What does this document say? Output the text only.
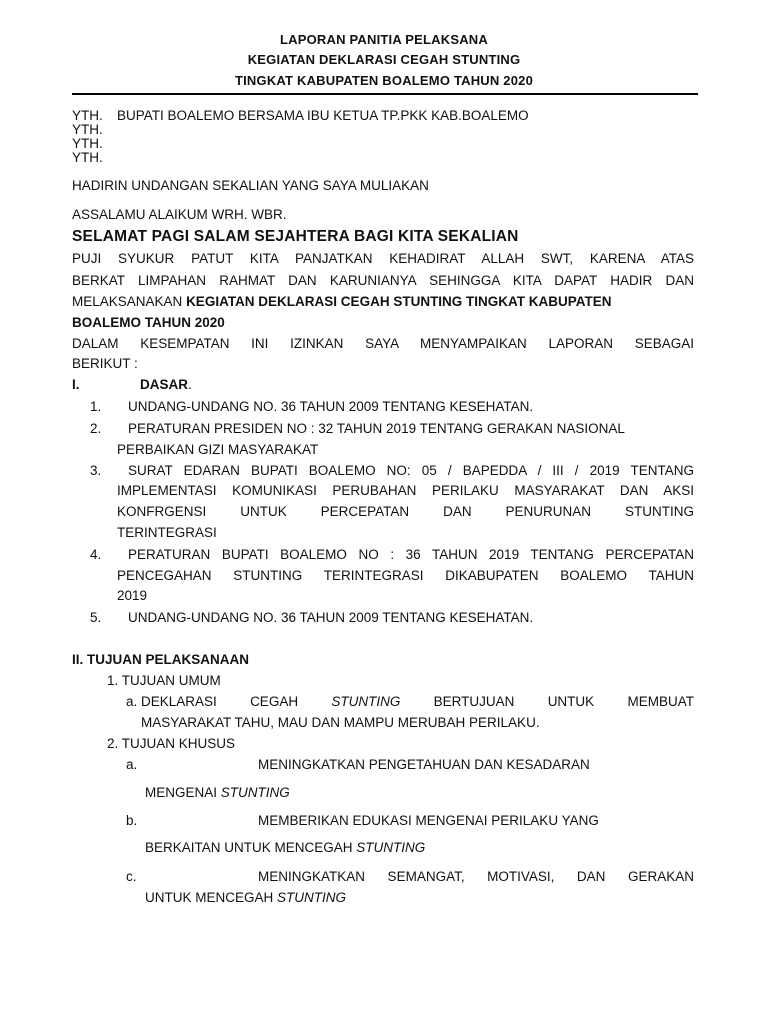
LAPORAN PANITIA PELAKSANA
KEGIATAN DEKLARASI CEGAH STUNTING
TINGKAT KABUPATEN BOALEMO TAHUN 2020
YTH. BUPATI BOALEMO BERSAMA IBU KETUA TP.PKK KAB.BOALEMO
YTH.
YTH.
YTH.
HADIRIN UNDANGAN SEKALIAN YANG SAYA MULIAKAN
ASSALAMU ALAIKUM WRH. WBR.
SELAMAT PAGI SALAM SEJAHTERA BAGI KITA SEKALIAN
PUJI SYUKUR PATUT KITA PANJATKAN KEHADIRAT ALLAH SWT, KARENA ATAS
BERKAT LIMPAHAN RAHMAT DAN KARUNIANYA SEHINGGA KITA DAPAT HADIR DAN
MELAKSANAKAN KEGIATAN DEKLARASI CEGAH STUNTING TINGKAT KABUPATEN
BOALEMO TAHUN 2020
DALAM KESEMPATAN INI IZINKAN SAYA MENYAMPAIKAN LAPORAN SEBAGAI
BERIKUT :
I.	DASAR.
1. UNDANG-UNDANG NO. 36 TAHUN 2009 TENTANG KESEHATAN.
2. PERATURAN PRESIDEN NO : 32 TAHUN 2019 TENTANG GERAKAN NASIONAL
PERBAIKAN GIZI MASYARAKAT
3. SURAT EDARAN BUPATI BOALEMO NO: 05 / BAPEDDA / III / 2019 TENTANG
IMPLEMENTASI KOMUNIKASI PERUBAHAN PERILAKU MASYARAKAT DAN AKSI
KONFRGENSI UNTUK PERCEPATAN DAN PENURUNAN STUNTING
TERINTEGRASI
4. PERATURAN BUPATI BOALEMO NO : 36 TAHUN 2019 TENTANG PERCEPATAN
PENCEGAHAN STUNTING TERINTEGRASI DIKABUPATEN BOALEMO TAHUN
2019
5. UNDANG-UNDANG NO. 36 TAHUN 2009 TENTANG KESEHATAN.
II. TUJUAN PELAKSANAAN
1. TUJUAN UMUM
a. DEKLARASI CEGAH STUNTING BERTUJUAN UNTUK MEMBUAT
MASYARAKAT TAHU, MAU DAN MAMPU MERUBAH PERILAKU.
2. TUJUAN KHUSUS
a.	MENINGKATKAN PENGETAHUAN DAN KESADARAN
MENGENAI STUNTING
b.	MEMBERIKAN EDUKASI MENGENAI PERILAKU YANG
BERKAITAN UNTUK MENCEGAH STUNTING
c.	MENINGKATKAN SEMANGAT, MOTIVASI, DAN GERAKAN
UNTUK MENCEGAH STUNTING
